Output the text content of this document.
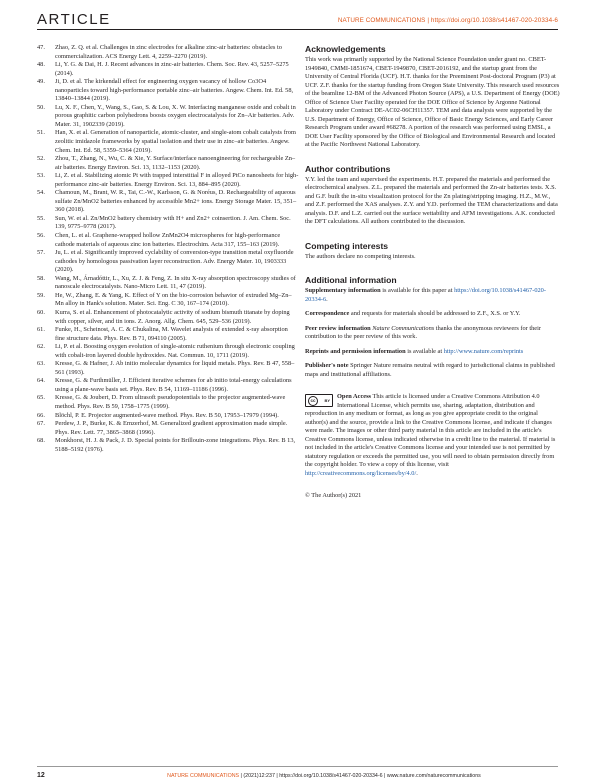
ARTICLE	NATURE COMMUNICATIONS | https://doi.org/10.1038/s41467-020-20334-6
47.	Zhao, Z. Q. et al. Challenges in zinc electrodes for alkaline zinc-air batteries: obstacles to commercialization. ACS Energy Lett. 4, 2259–2270 (2019).
48.	Li, Y. G. & Dai, H. J. Recent advances in zinc-air batteries. Chem. Soc. Rev. 43, 5257–5275 (2014).
49.	Ji, D. et al. The kirkendall effect for engineering oxygen vacancy of hollow Co3O4 nanoparticles toward high-performance portable zinc–air batteries. Angew. Chem. Int. Ed. 58, 13840–13844 (2019).
50.	Lu, X. F., Chen, Y., Wang, S., Gao, S. & Lou, X. W. Interfacing manganese oxide and cobalt in porous graphitic carbon polyhedrons boosts oxygen electrocatalysis for Zn–Air batteries. Adv. Mater. 31, 1902339 (2019).
51.	Han, X. et al. Generation of nanoparticle, atomic-cluster, and single-atom cobalt catalysts from zeolitic imidazole frameworks by spatial isolation and their use in zinc–air batteries. Angew. Chem. Int. Ed. 58, 5359–5364 (2019).
52.	Zhou, T., Zhang, N., Wu, C. & Xie, Y. Surface/interface nanoengineering for rechargeable Zn–air batteries. Energy Environ. Sci. 13, 1132–1153 (2020).
53.	Li, Z. et al. Stabilizing atomic Pt with trapped interstitial F in alloyed PtCo nanosheets for high-performance zinc-air batteries. Energy Environ. Sci. 13, 884–895 (2020).
54.	Chamoun, M., Brant, W. R., Tai, C.-W., Karlsson, G. & Noréus, D. Rechargeability of aqueous sulfate Zn/MnO2 batteries enhanced by accessible Mn2+ ions. Energy Storage Mater. 15, 351–360 (2018).
55.	Sun, W. et al. Zn/MnO2 battery chemistry with H+ and Zn2+ coinsertion. J. Am. Chem. Soc. 139, 9775–9778 (2017).
56.	Chen, L. et al. Graphene-wrapped hollow ZnMn2O4 microspheres for high-performance cathode materials of aqueous zinc ion batteries. Electrochim. Acta 317, 155–163 (2019).
57.	Ju, L. et al. Significantly improved cyclability of conversion-type transition metal oxyfluoride cathodes by homologous passivation layer reconstruction. Adv. Energy Mater. 10, 1903333 (2020).
58.	Wang, M., Árnadóttir, L., Xu, Z. J. & Feng, Z. In situ X-ray absorption spectroscopy studies of nanoscale electrocatalysts. Nano-Micro Lett. 11, 47 (2019).
59.	He, W., Zhang, E. & Yang, K. Effect of Y on the bio-corrosion behavior of extruded Mg–Zn–Mn alloy in Hank's solution. Mater. Sci. Eng. C 30, 167–174 (2010).
60.	Kurra, S. et al. Enhancement of photocatalytic activity of sodium bismuth titanate by doping with copper, silver, and tin ions. Z. Anorg. Allg. Chem. 645, 529–536 (2019).
61.	Funke, H., Scheinost, A. C. & Chukalina, M. Wavelet analysis of extended x-ray absorption fine structure data. Phys. Rev. B 71, 094110 (2005).
62.	Li, P. et al. Boosting oxygen evolution of single-atomic ruthenium through electronic coupling with cobalt-iron layered double hydroxides. Nat. Commun. 10, 1711 (2019).
63.	Kresse, G. & Hafner, J. Ab initio molecular dynamics for liquid metals. Phys. Rev. B 47, 558–561 (1993).
64.	Kresse, G. & Furthmüller, J. Efficient iterative schemes for ab initio total-energy calculations using a plane-wave basis set. Phys. Rev. B 54, 11169–11186 (1996).
65.	Kresse, G. & Joubert, D. From ultrasoft pseudopotentials to the projector augmented-wave method. Phys. Rev. B 59, 1758–1775 (1999).
66.	Blöchl, P. E. Projector augmented-wave method. Phys. Rev. B 50, 17953–17979 (1994).
67.	Perdew, J. P., Burke, K. & Ernzerhof, M. Generalized gradient approximation made simple. Phys. Rev. Lett. 77, 3865–3868 (1996).
68.	Monkhorst, H. J. & Pack, J. D. Special points for Brillouin-zone integrations. Phys. Rev. B 13, 5188–5192 (1976).
Acknowledgements

This work was primarily supported by the National Science Foundation under grant no. CBET-1949840, CMMI-1851674, CBET-1949870, CBET-2016192, and the startup grant from the University of Central Florida (UCF). H.T. thanks for the Preeminent Post-doctoral Program (P3) at UCF. Z.F. thanks for the startup funding from Oregon State University. This research used resources of the beamline 12-BM of the Advanced Photon Source (APS), a U.S. Department of Energy (DOE) Office of Science User Facility operated for the DOE Office of Science by Argonne National Laboratory under Contract DE-AC02-06CH11357. TEM and data analysis were supported by the U.S. Department of Energy, Office of Science, Office of Basic Energy Sciences, and Early Career Research Program under award #68278. A portion of the research was performed using EMSL, a DOE User Facility sponsored by the Office of Biological and Environmental Research and located at the Pacific Northwest National Laboratory.

Author contributions

Y.Y. led the team and supervised the experiments. H.T. prepared the materials and performed the electrochemical analyses. Z.L. prepared the materials and performed the Zn-air batteries tests. X.S. and G.F. built the in-situ visualization protocol for the Zn plating/stripping imaging. H.Z., M.W., and Z.F. performed the XAS analyses. Z.Y. and Y.D. performed the TEM characterizations and data analysis. D.F. and L.Z. carried out the surface wettability and AFM investigations. A.K. conducted the DFT calculations. All authors contributed to the discussion.

Competing interests

The authors declare no competing interests.

Additional information

Supplementary information is available for this paper at https://doi.org/10.1038/s41467-020-20334-6.

Correspondence and requests for materials should be addressed to Z.F., X.S. or Y.Y.

Peer review information Nature Communications thanks the anonymous reviewers for their contribution to the peer review of this work.

Reprints and permission information is available at http://www.nature.com/reprints

Publisher's note Springer Nature remains neutral with regard to jurisdictional claims in published maps and institutional affiliations.

cc	BY
Open Access This article is licensed under a Creative Commons Attribution 4.0 International License, which permits use, sharing, adaptation, distribution and reproduction in any medium or format, as long as you give appropriate credit to the original author(s) and the source, provide a link to the Creative Commons license, and indicate if changes were made. The images or other third party material in this article are included in the article's Creative Commons license, unless indicated otherwise in a credit line to the material. If material is not included in the article's Creative Commons license and your intended use is not permitted by statutory regulation or exceeds the permitted use, you will need to obtain permission directly from the copyright holder. To view a copy of this license, visit http://creativecommons.org/licenses/by/4.0/.

© The Author(s) 2021

12	NATURE COMMUNICATIONS | (2021)12:237 | https://doi.org/10.1038/s41467-020-20334-6 | www.nature.com/naturecommunications
